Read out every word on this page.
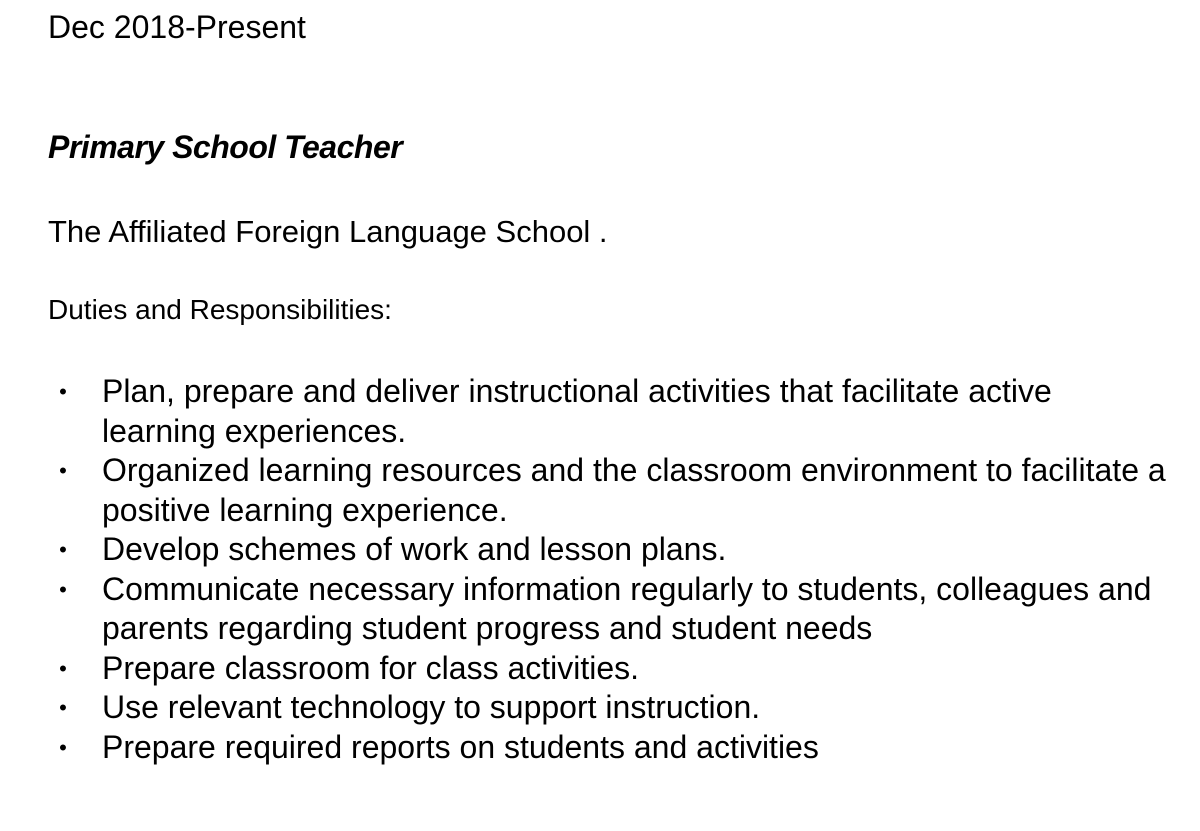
Dec 2018-Present
Primary School Teacher
The Affiliated Foreign Language School .
Duties and Responsibilities:
•	Plan, prepare and deliver instructional activities that facilitate active learning experiences.
•	Organized learning resources and the classroom environment to facilitate a positive learning experience.
•	Develop schemes of work and lesson plans.
•	Communicate necessary information regularly to students, colleagues and parents regarding student progress and student needs
•	Prepare classroom for class activities.
•	Use relevant technology to support instruction.
•	Prepare required reports on students and activities
